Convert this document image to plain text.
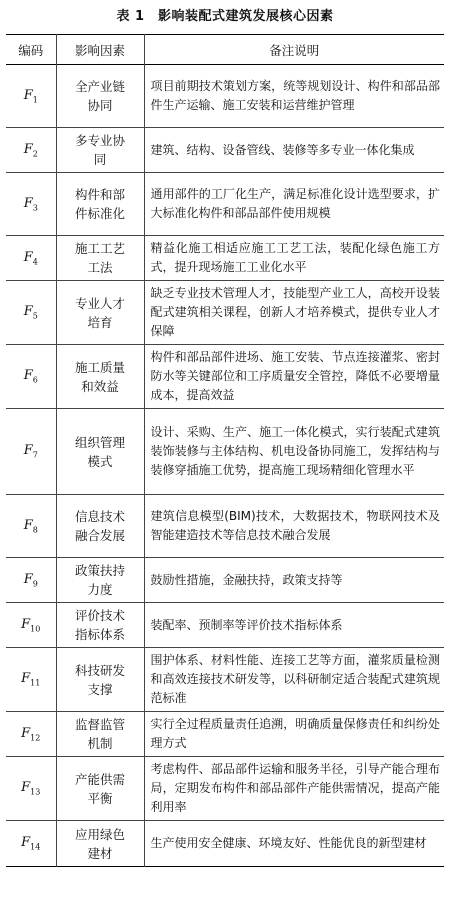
表 1　影响装配式建筑发展核心因素
编码	影响因素	备注说明
$F_1$	全产业链协同	项目前期技术策划方案，统等规划设计、构件和部品部件生产运输、施工安装和运营维护管理
$F_2$	多专业协同	建筑、结构、设备管线、装修等多专业一体化集成
$F_3$	构件和部件标准化	通用部件的工厂化生产，满足标准化设计选型要求，扩大标准化构件和部品部件使用规模
$F_4$	施工工艺工法	精益化施工相适应施工工艺工法，装配化绿色施工方式，提升现场施工工业化水平
$F_5$	专业人才培育	缺乏专业技术管理人才，技能型产业工人，高校开设装配式建筑相关课程，创新人才培养模式，提供专业人才保障
$F_6$	施工质量和效益	构件和部品部件进场、施工安装、节点连接灌浆、密封防水等关键部位和工序质量安全管控，降低不必要增量成本，提高效益
$F_7$	组织管理模式	设计、采购、生产、施工一体化模式，实行装配式建筑装饰装修与主体结构、机电设备协同施工，发挥结构与装修穿插施工优势，提高施工现场精细化管理水平
$F_8$	信息技术融合发展	建筑信息模型(BIM)技术，大数据技术，物联网技术及智能建造技术等信息技术融合发展
$F_9$	政策扶持力度	鼓励性措施，金融扶持，政策支持等
$F_{10}$	评价技术指标体系	装配率、预制率等评价技术指标体系
$F_{11}$	科技研发支撑	围护体系、材料性能、连接工艺等方面，灌浆质量检测和高效连接技术研发等，以科研制定适合装配式建筑规范标准
$F_{12}$	监督监管机制	实行全过程质量责任追溯，明确质量保修责任和纠纷处理方式
$F_{13}$	产能供需平衡	考虑构件、部品部件运输和服务半径，引导产能合理布局，定期发布构件和部品部件产能供需情况，提高产能利用率
$F_{14}$	应用绿色建材	生产使用安全健康、环境友好、性能优良的新型建材
